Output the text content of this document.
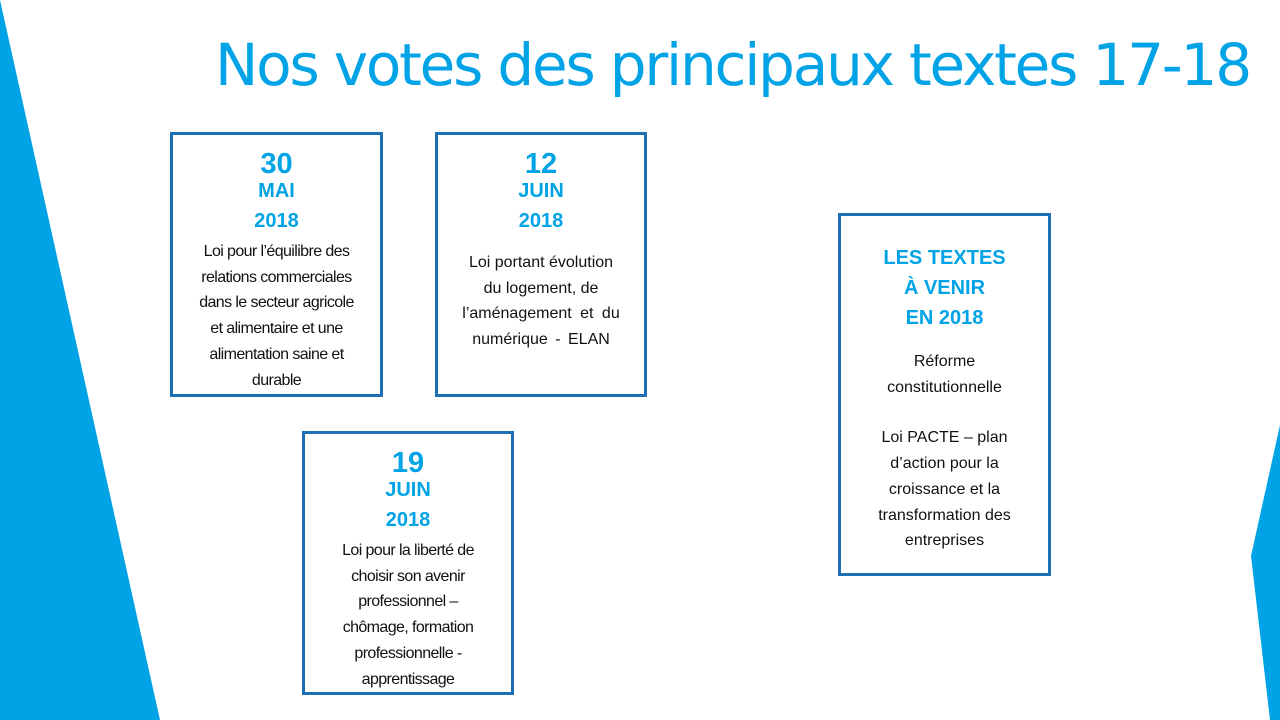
Nos votes des principaux textes 17-18
30
MAI
2018
Loi pour l’équilibre des
relations commerciales
dans le secteur agricole
et alimentaire et une
alimentation saine et
durable
12
JUIN
2018
Loi portant évolution
du logement, de
l’aménagement et du
numérique - ELAN
19
JUIN
2018
Loi pour la liberté de
choisir son avenir
professionnel –
chômage, formation
professionnelle -
apprentissage
LES TEXTES
À VENIR
EN 2018
Réforme
constitutionnelle
Loi PACTE – plan
d’action pour la
croissance et la
transformation des
entreprises
